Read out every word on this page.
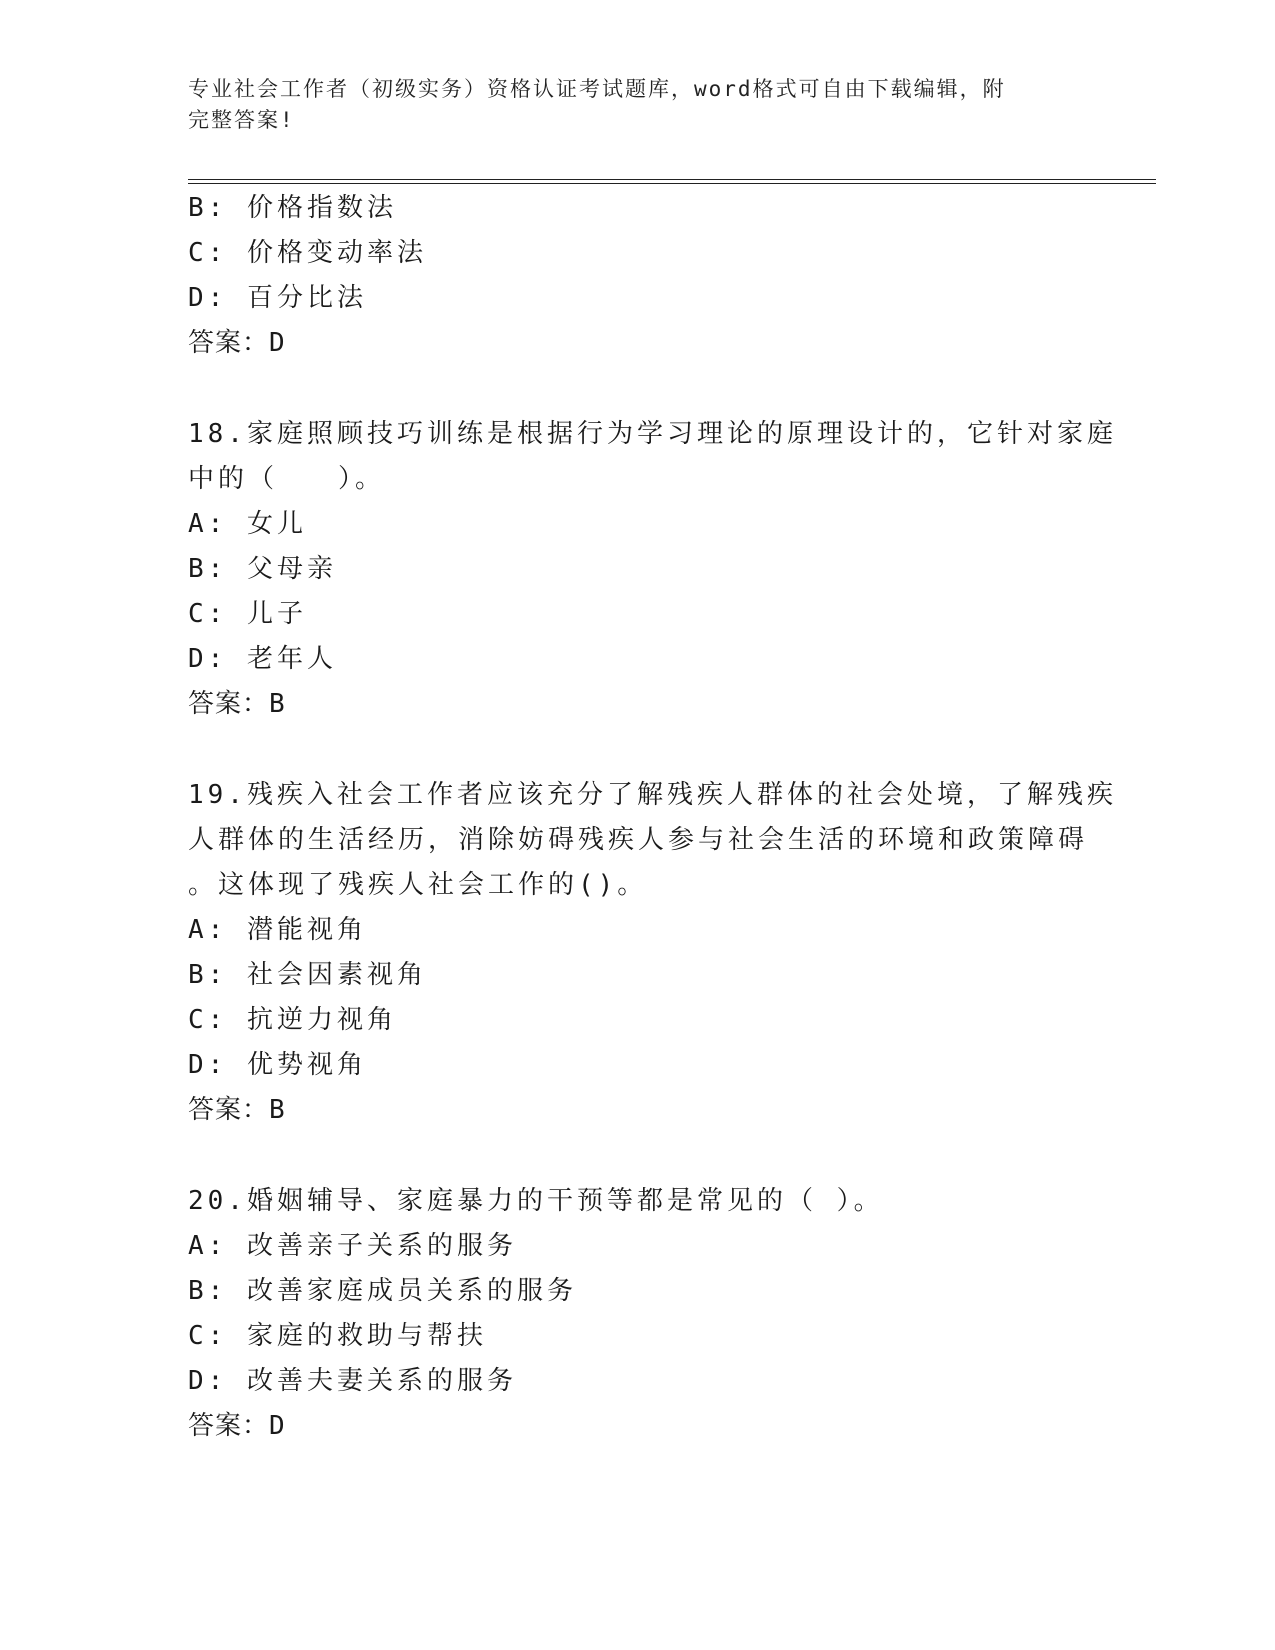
专业社会工作者（初级实务）资格认证考试题库，word格式可自由下载编辑，附
完整答案!
B: 价格指数法
C: 价格变动率法
D: 百分比法
答案：D
18.家庭照顾技巧训练是根据行为学习理论的原理设计的，它针对家庭
中的（　　）。
A: 女儿
B: 父母亲
C: 儿子
D: 老年人
答案：B
19.残疾入社会工作者应该充分了解残疾人群体的社会处境，了解残疾
人群体的生活经历，消除妨碍残疾人参与社会生活的环境和政策障碍
。这体现了残疾人社会工作的()。
A: 潜能视角
B: 社会因素视角
C: 抗逆力视角
D: 优势视角
答案：B
20.婚姻辅导、家庭暴力的干预等都是常见的（ ）。
A: 改善亲子关系的服务
B: 改善家庭成员关系的服务
C: 家庭的救助与帮扶
D: 改善夫妻关系的服务
答案：D
